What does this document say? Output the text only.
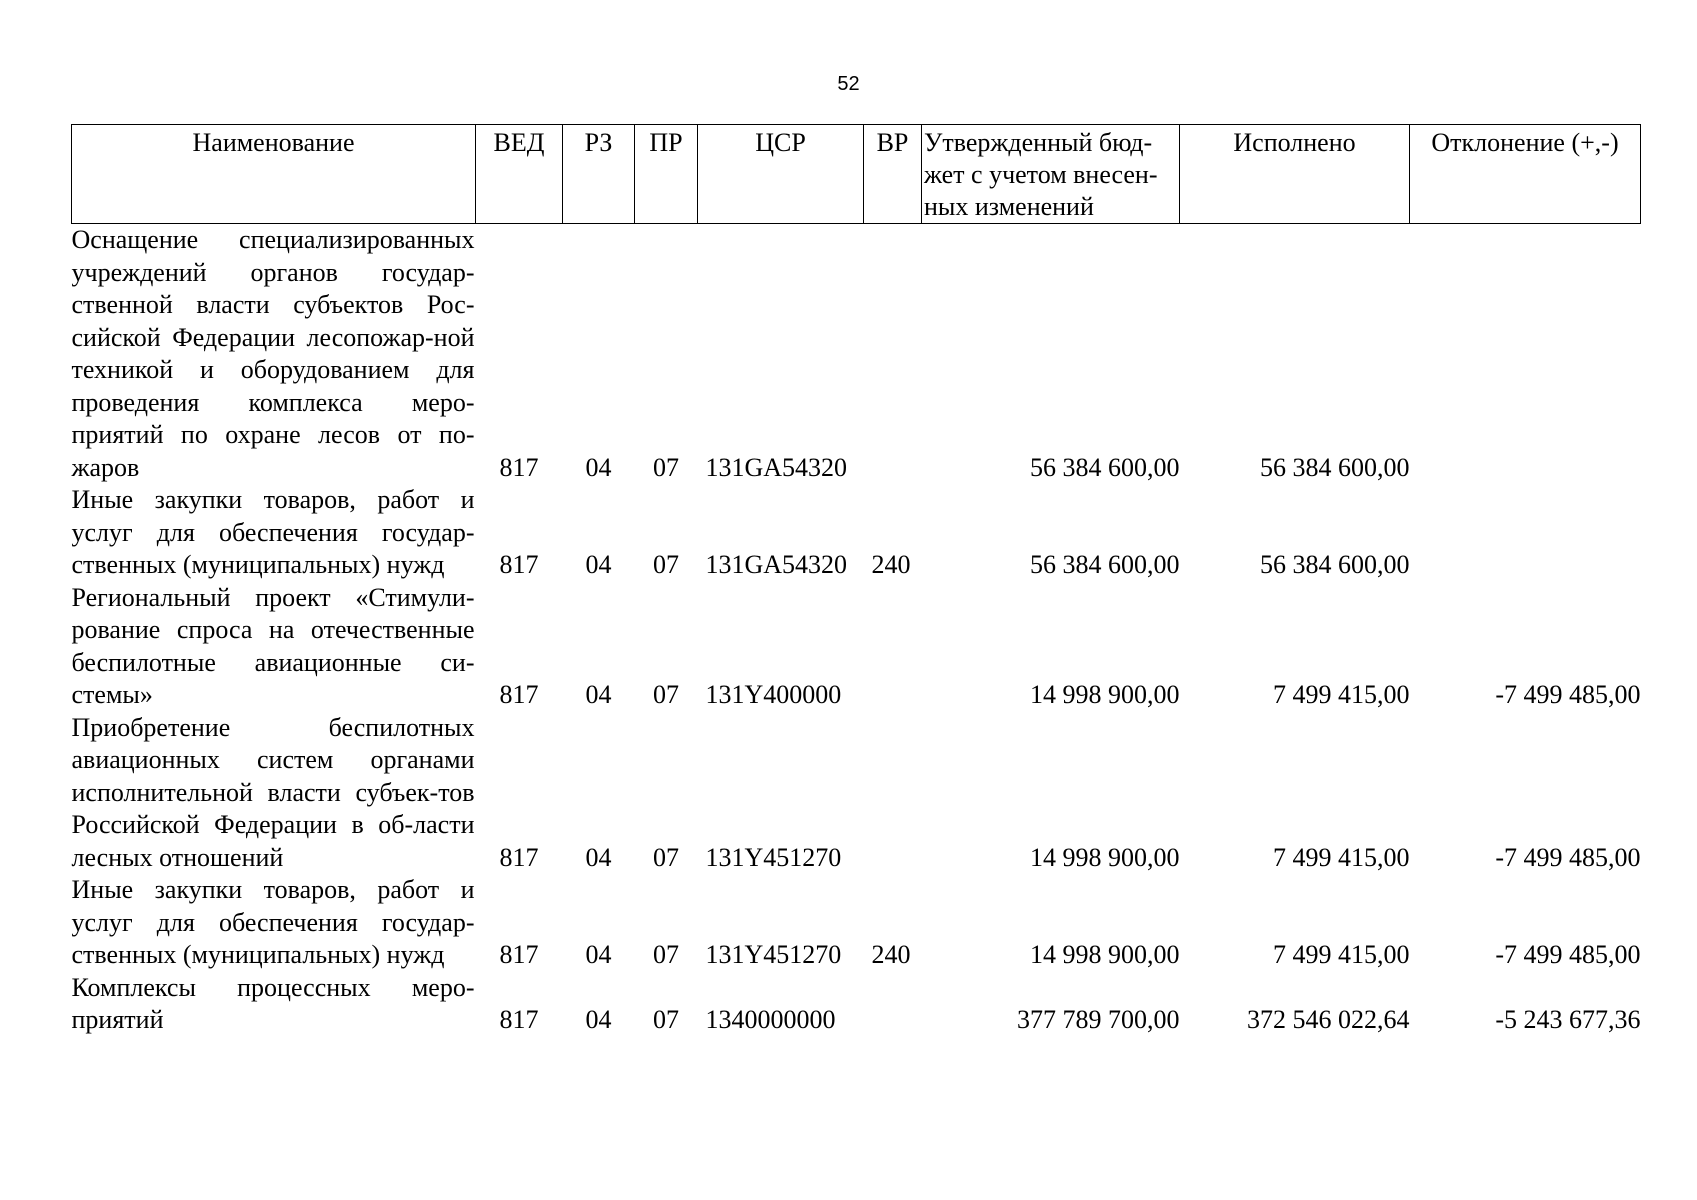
52
Наименование	ВЕД	РЗ	ПР	ЦСР	ВР	Утвержденный бюд-
жет с учетом внесен-
ных изменений	Исполнено	Отклонение (+,-)
Оснащение специализированных учреждений органов государ-ственной власти субъектов Рос-сийской Федерации лесопожар-ной техникой и оборудованием для проведения комплекса меро-приятий по охране лесов от по-жаров	817	04	07	131GA54320		56 384 600,00	56 384 600,00	
Иные закупки товаров, работ и услуг для обеспечения государ-ственных (муниципальных) нужд	817	04	07	131GA54320	240	56 384 600,00	56 384 600,00	
Региональный проект «Стимули-рование спроса на отечественные беспилотные авиационные си-стемы»	817	04	07	131Y400000		14 998 900,00	7 499 415,00	-7 499 485,00
Приобретение беспилотных авиационных систем органами исполнительной власти субъек-тов Российской Федерации в об-ласти лесных отношений	817	04	07	131Y451270		14 998 900,00	7 499 415,00	-7 499 485,00
Иные закупки товаров, работ и услуг для обеспечения государ-ственных (муниципальных) нужд	817	04	07	131Y451270	240	14 998 900,00	7 499 415,00	-7 499 485,00
Комплексы процессных меро-приятий	817	04	07	1340000000		377 789 700,00	372 546 022,64	-5 243 677,36
